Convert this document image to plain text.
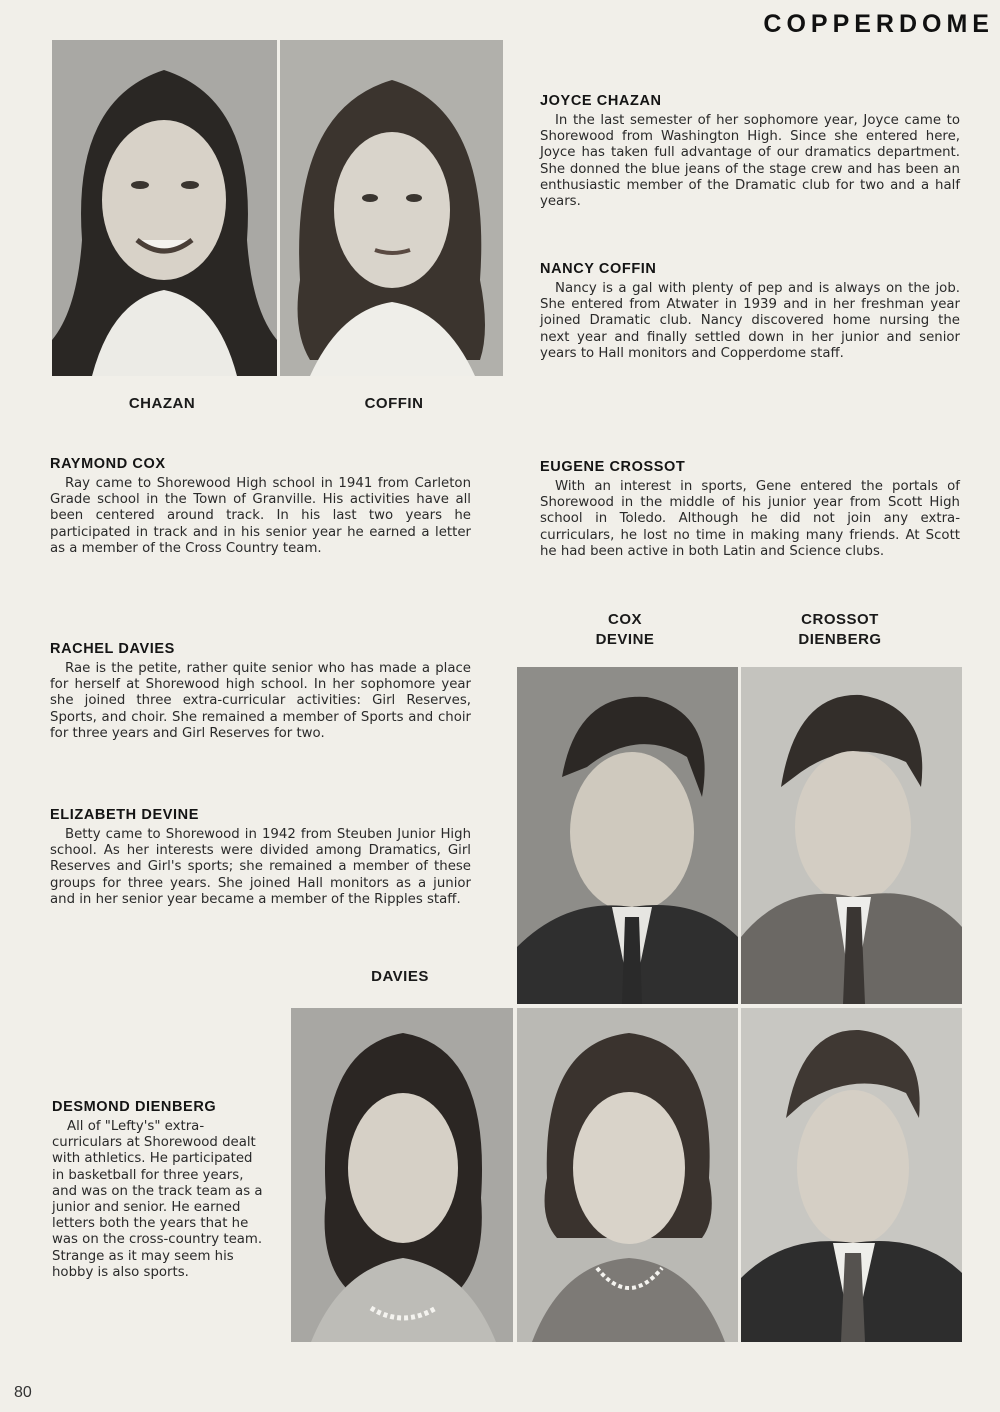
COPPERDOME
CHAZAN	COFFIN
JOYCE CHAZAN

In the last semester of her sophomore year, Joyce came to Shorewood from Washington High. Since she entered here, Joyce has taken full advantage of our dramatics department. She donned the blue jeans of the stage crew and has been an enthusiastic member of the Dramatic club for two and a half years.

NANCY COFFIN

Nancy is a gal with plenty of pep and is always on the job. She entered from Atwater in 1939 and in her freshman year joined Dramatic club. Nancy discovered home nursing the next year and finally settled down in her junior and senior years to Hall monitors and Copperdome staff.

EUGENE CROSSOT

With an interest in sports, Gene entered the portals of Shorewood in the middle of his junior year from Scott High school in Toledo. Although he did not join any extra-curriculars, he lost no time in making many friends. At Scott he had been active in both Latin and Science clubs.

RAYMOND COX

Ray came to Shorewood High school in 1941 from Carleton Grade school in the Town of Granville. His activities have all been centered around track. In his last two years he participated in track and in his senior year he earned a letter as a member of the Cross Country team.

RACHEL DAVIES

Rae is the petite, rather quite senior who has made a place for herself at Shorewood high school. In her sophomore year she joined three extra-curricular activities: Girl Reserves, Sports, and choir. She remained a member of Sports and choir for three years and Girl Reserves for two.

ELIZABETH DEVINE

Betty came to Shorewood in 1942 from Steuben Junior High school. As her interests were divided among Dramatics, Girl Reserves and Girl's sports; she remained a member of these groups for three years. She joined Hall monitors as a junior and in her senior year became a member of the Ripples staff.

DESMOND DIENBERG

All of "Lefty's" extra-curriculars at Shorewood dealt with athletics. He participated in basketball for three years, and was on the track team as a junior and senior. He earned letters both the years that he was on the cross-country team. Strange as it may seem his hobby is also sports.

COX
DEVINE
CROSSOT
DIENBERG
DAVIES
80
